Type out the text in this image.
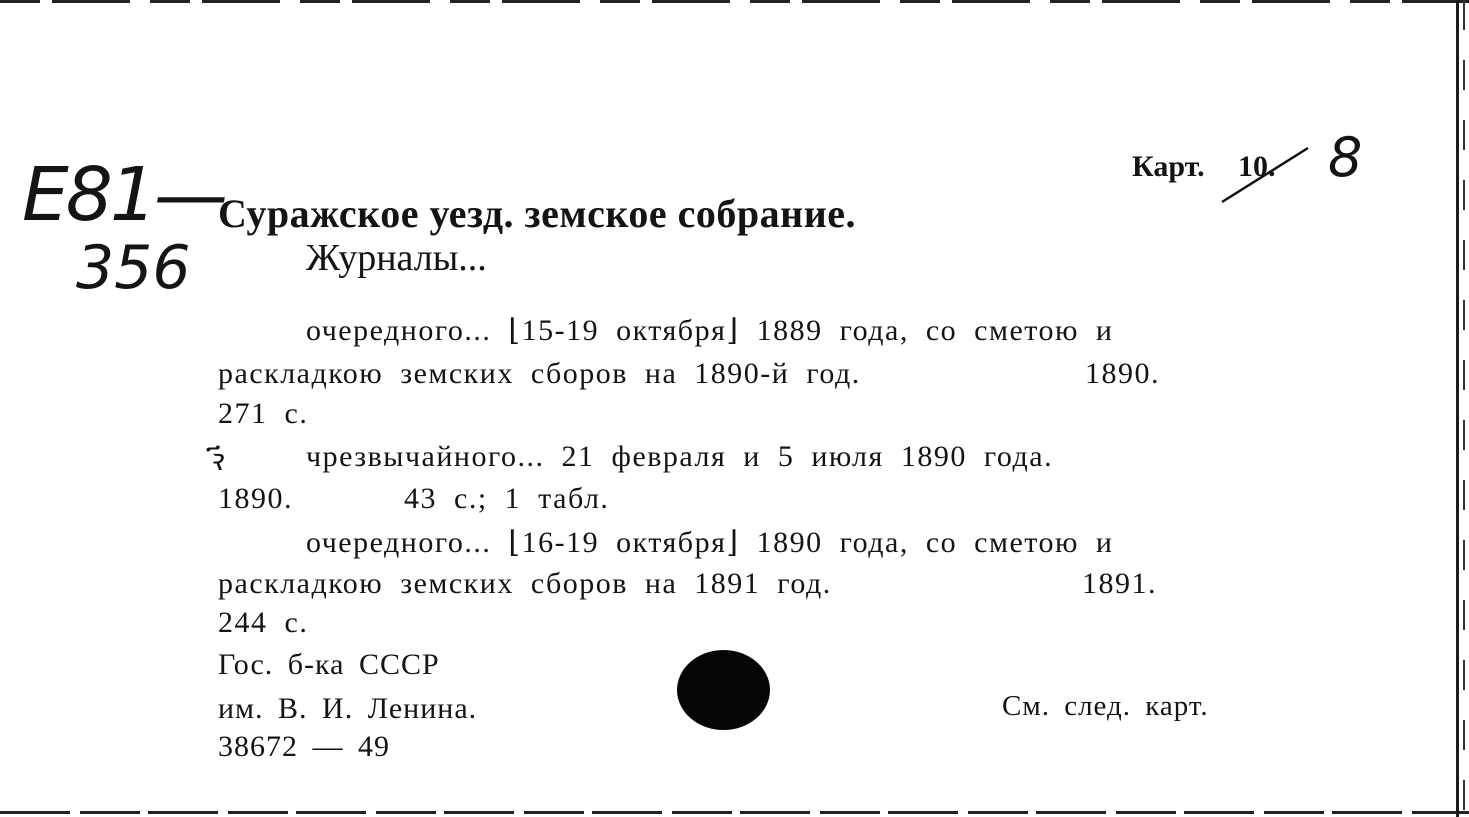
E81—
356
Карт. 10. 8
Суражское уезд. земское собрание.
Журналы...
очередного... ⌊15-19 октября⌋ 1889 года, со сметою и
раскладкою земских сборов на 1890-й год.	1890.
271 с.
ꝛ҃	чрезвычайного... 21 февраля и 5 июля 1890 года.
1890.	43 с.; 1 табл.
очередного... ⌊16-19 октября⌋ 1890 года, со сметою и
раскладкою земских сборов на 1891 год.	1891.
244 с.
Гос. б-ка СССР
им. В. И. Ленина.
38672 — 49
См. след. карт.
